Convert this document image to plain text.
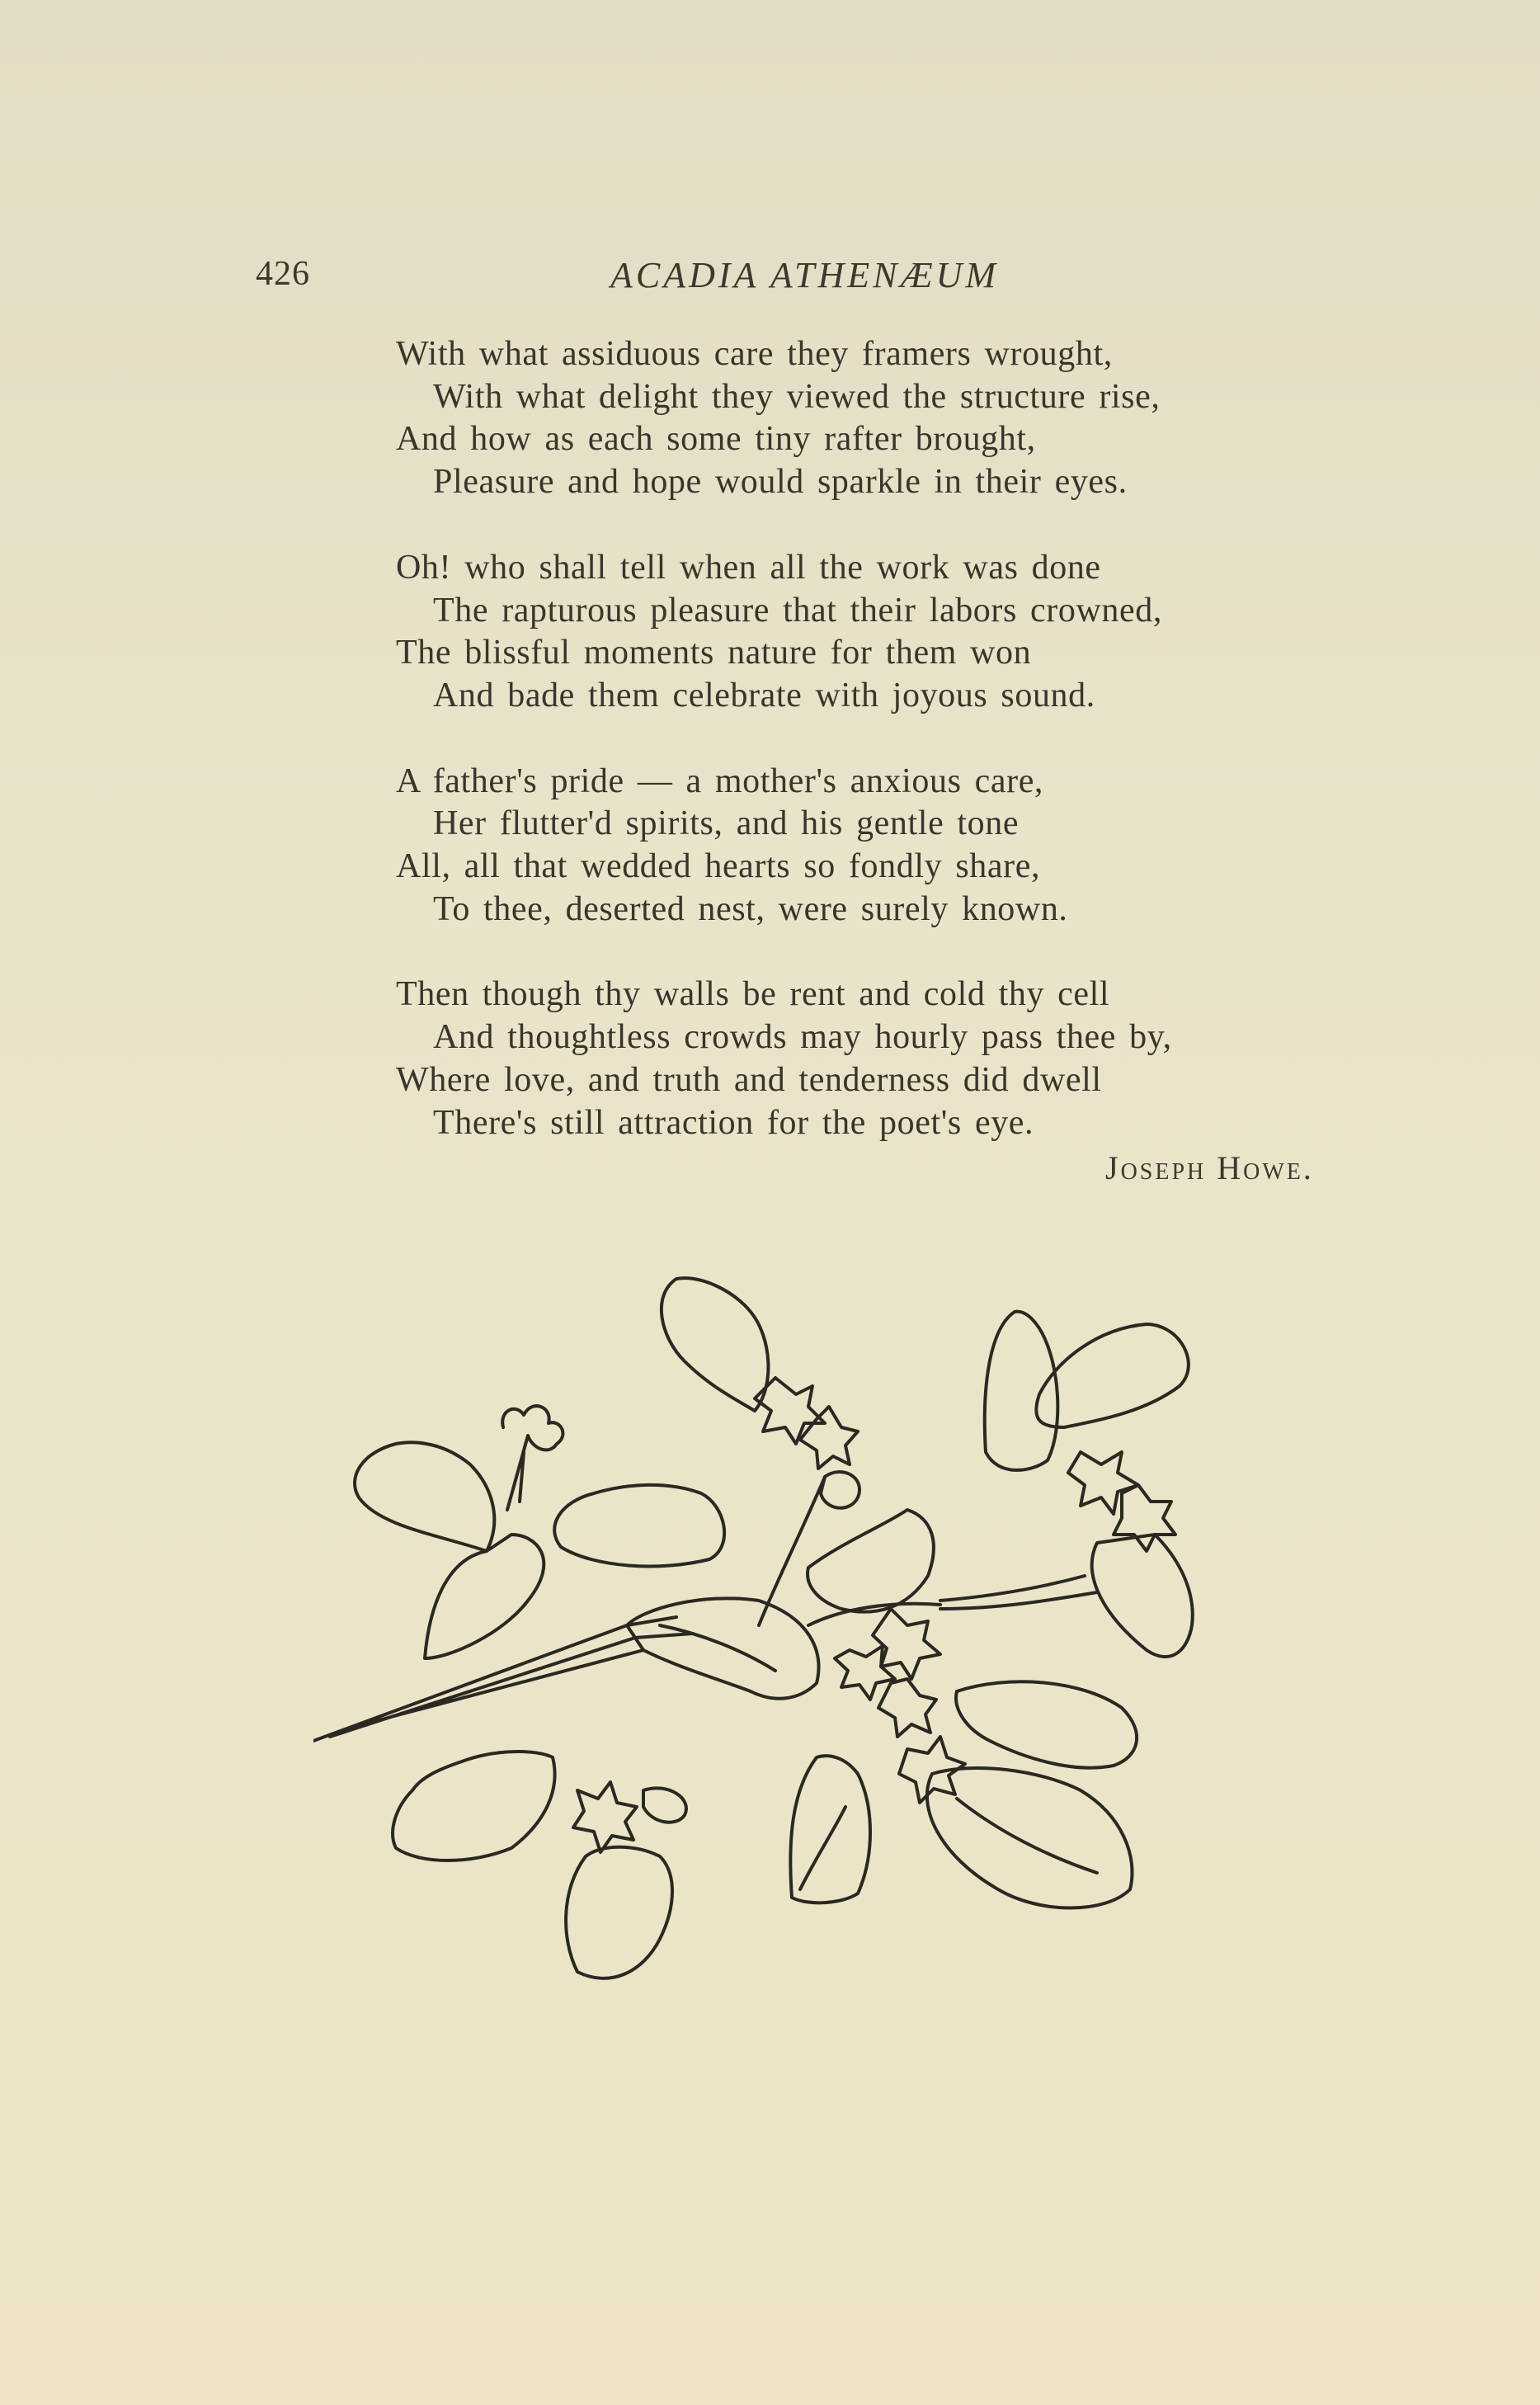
426	ACADIA ATHENÆUM
With what assiduous care they framers wrought,
With what delight they viewed the structure rise,
And how as each some tiny rafter brought,
Pleasure and hope would sparkle in their eyes.
Oh! who shall tell when all the work was done
The rapturous pleasure that their labors crowned,
The blissful moments nature for them won
And bade them celebrate with joyous sound.
A father's pride — a mother's anxious care,
Her flutter'd spirits, and his gentle tone
All, all that wedded hearts so fondly share,
To thee, deserted nest, were surely known.
Then though thy walls be rent and cold thy cell
And thoughtless crowds may hourly pass thee by,
Where love, and truth and tenderness did dwell
There's still attraction for the poet's eye.
Joseph Howe.
